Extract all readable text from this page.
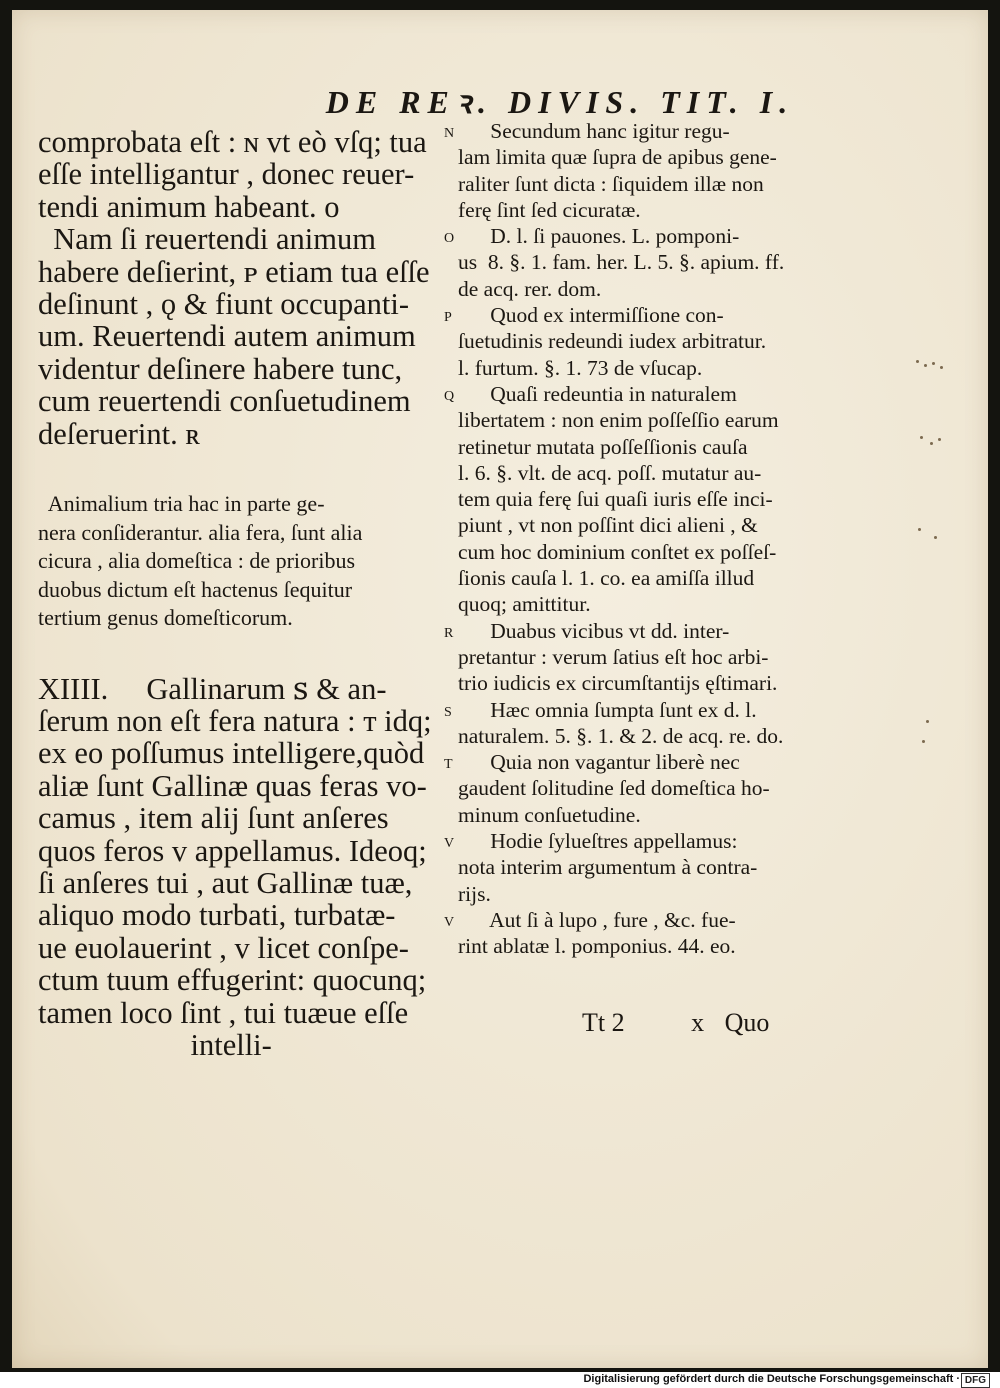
DE REꝛ. DIVIS. TIT. I.
comprobata eſt : ɴ vt eò vſq; tua
eſſe intelligantur , donec reuer-
tendi animum habeant. ᴏ
Nam ſi reuertendi animum
habere deſierint, ᴘ etiam tua eſſe
deſinunt , ǫ & fiunt occupanti-
um. Reuertendi autem animum
videntur deſinere habere tunc,
cum reuertendi conſuetudinem
deſeruerint. ʀ
Animalium tria hac in parte ge-
nera conſiderantur. alia fera, ſunt alia
cicura , alia domeſtica : de prioribus
duobus dictum eſt hactenus ſequitur
tertium genus domeſticorum.
XIIII.     Gallinarum ꜱ & an-
ſerum non eſt fera natura : ᴛ idq;
ex eo poſſumus intelligere,quòd
aliæ ſunt Gallinæ quas feras vo-
camus , item alij ſunt anſeres
quos feros ᴠ appellamus. Ideoq;
ſi anſeres tui , aut Gallinæ tuæ,
aliquo modo turbati, turbatæ-
ue euolauerint , ᴠ licet conſpe-
ctum tuum effugerint: quocunq;
tamen loco ſint , tui tuæue eſſe
intelli-
N Secundum hanc igitur regu-
lam limita quæ ſupra de apibus gene-
raliter ſunt dicta : ſiquidem illæ non
ferę ſint ſed cicuratæ.
O D. l. ſi pauones. L. pomponi-
us  8. §. 1. fam. her. L. 5. §. apium. ff.
de acq. rer. dom.
P Quod ex intermiſſione con-
ſuetudinis redeundi iudex arbitratur.
l. furtum. §. 1. 73 de vſucap.
Q Quaſi redeuntia in naturalem
libertatem : non enim poſſeſſio earum
retinetur mutata poſſeſſionis cauſa
l. 6. §. vlt. de acq. poſſ. mutatur au-
tem quia ferę ſui quaſi iuris eſſe inci-
piunt , vt non poſſint dici alieni , &
cum hoc dominium conſtet ex poſſeſ-
ſionis cauſa l. 1. co. ea amiſſa illud
quoq; amittitur.
R Duabus vicibus vt dd. inter-
pretantur : verum ſatius eſt hoc arbi-
trio iudicis ex circumſtantijs ęſtimari.
S Hæc omnia ſumpta ſunt ex d. l.
naturalem. 5. §. 1. & 2. de acq. re. do.
T Quia non vagantur liberè nec
gaudent ſolitudine ſed domeſtica ho-
minum conſuetudine.
V Hodie ſylueſtres appellamus:
nota interim argumentum à contra-
rijs.
V Aut ſi à lupo , fure , &c. fue-
rint ablatæ l. pomponius. 44. eo.
Tt 2	x Quo
Digitalisierung gefördert durch die Deutsche Forschungsgemeinschaft · DFG
